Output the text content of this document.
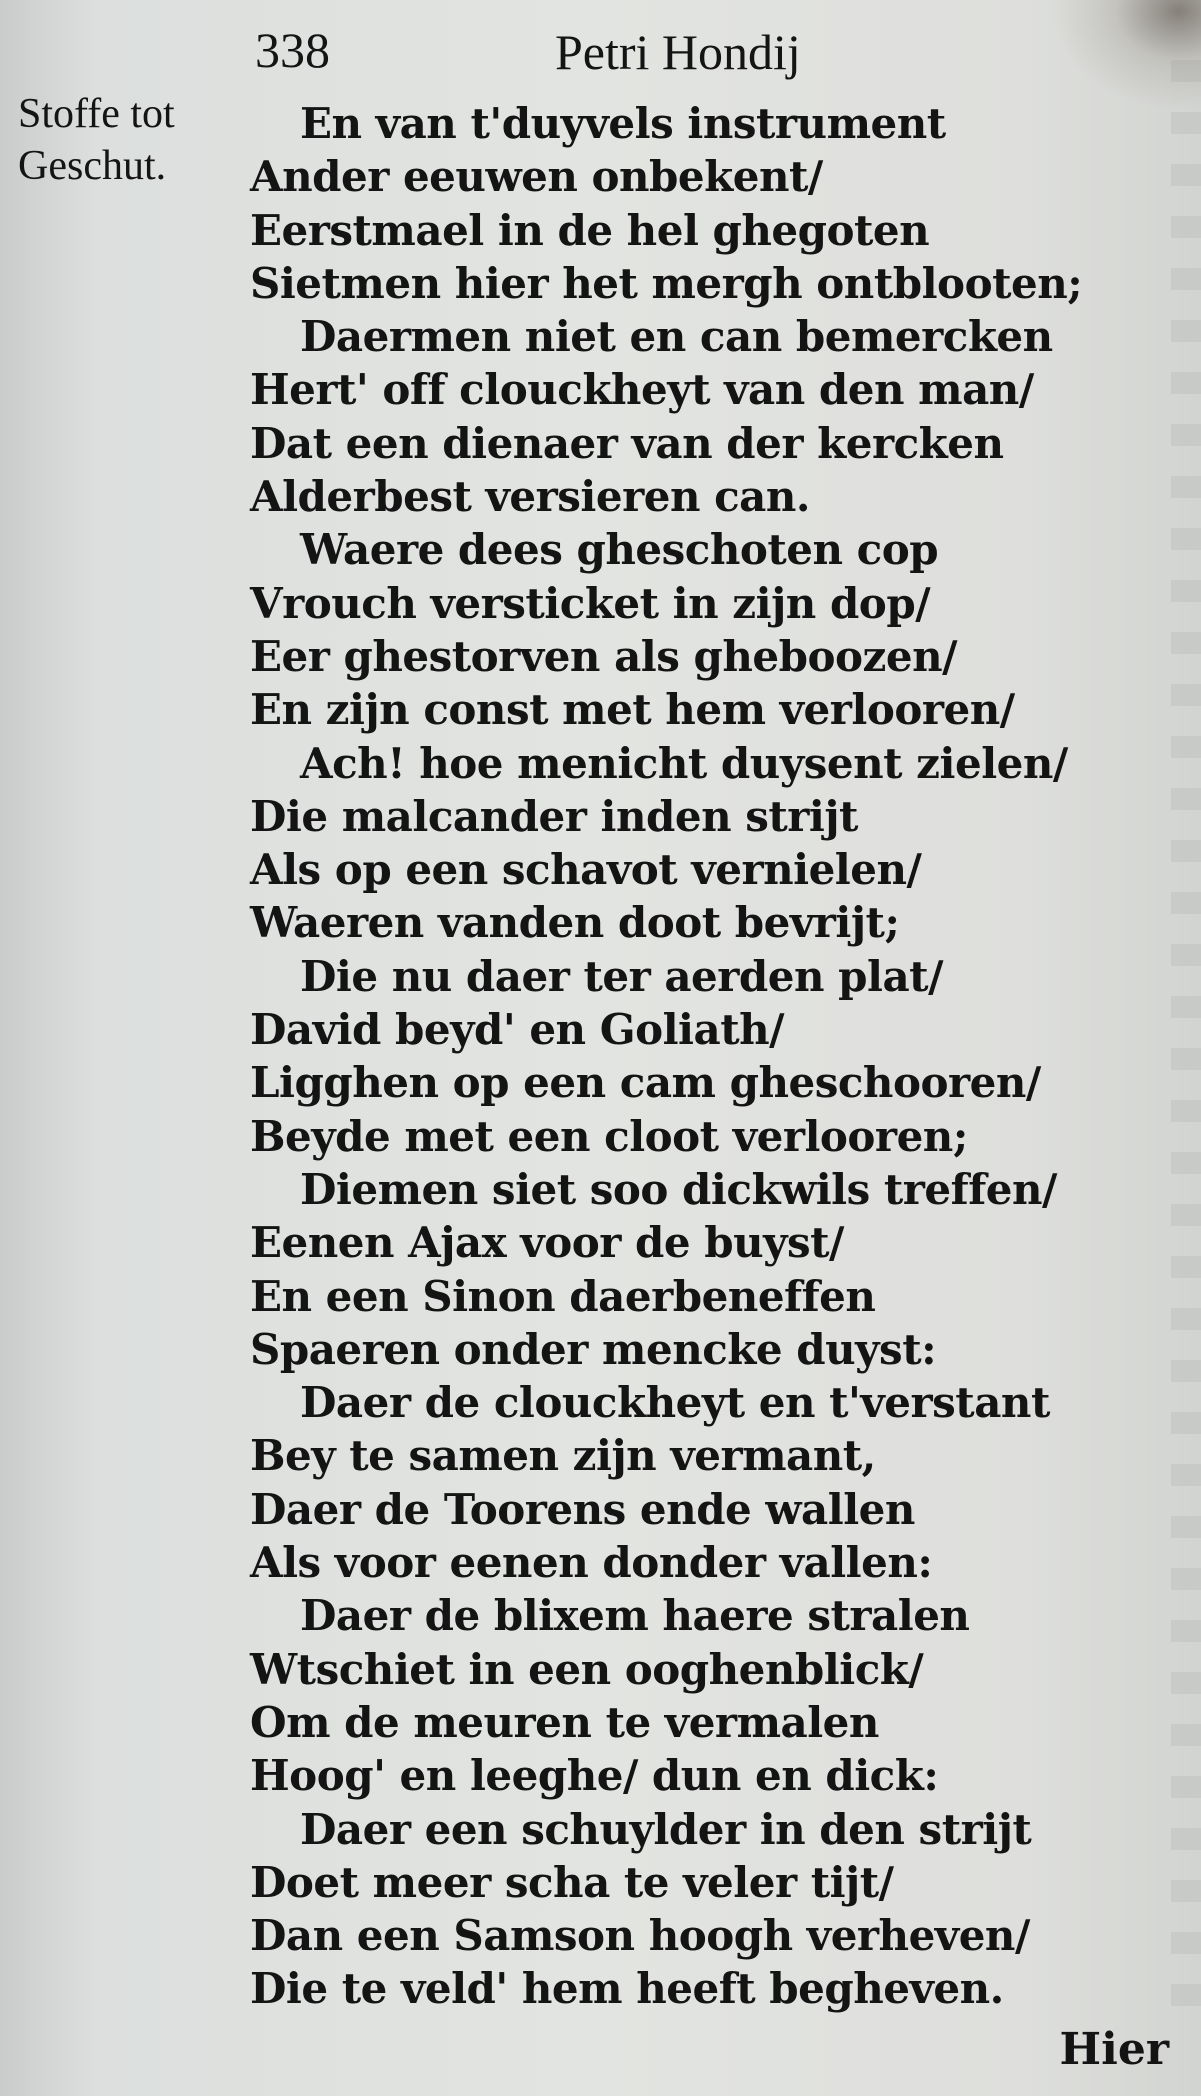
338	Petri Hondij
Stoffe tot
Geschut.
En van t'duyvels instrument
Ander eeuwen onbekent/
Eerstmael in de hel ghegoten
Sietmen hier het mergh ontblooten;
Daermen niet en can bemercken
Hert' off clouckheyt van den man/
Dat een dienaer van der kercken
Alderbest versieren can.
Waere dees gheschoten cop
Vrouch versticket in zijn dop/
Eer ghestorven als gheboozen/
En zijn const met hem verlooren/
Ach! hoe menicht duysent zielen/
Die malcander inden strijt
Als op een schavot vernielen/
Waeren vanden doot bevrijt;
Die nu daer ter aerden plat/
David beyd' en Goliath/
Ligghen op een cam gheschooren/
Beyde met een cloot verlooren;
Diemen siet soo dickwils treffen/
Eenen Ajax voor de buyst/
En een Sinon daerbeneffen
Spaeren onder mencke duyst:
Daer de clouckheyt en t'verstant
Bey te samen zijn vermant,
Daer de Toorens ende wallen
Als voor eenen donder vallen:
Daer de blixem haere stralen
Wtschiet in een ooghenblick/
Om de meuren te vermalen
Hoog' en leeghe/ dun en dick:
Daer een schuylder in den strijt
Doet meer scha te veler tijt/
Dan een Samson hoogh verheven/
Die te veld' hem heeft begheven.
Hier
